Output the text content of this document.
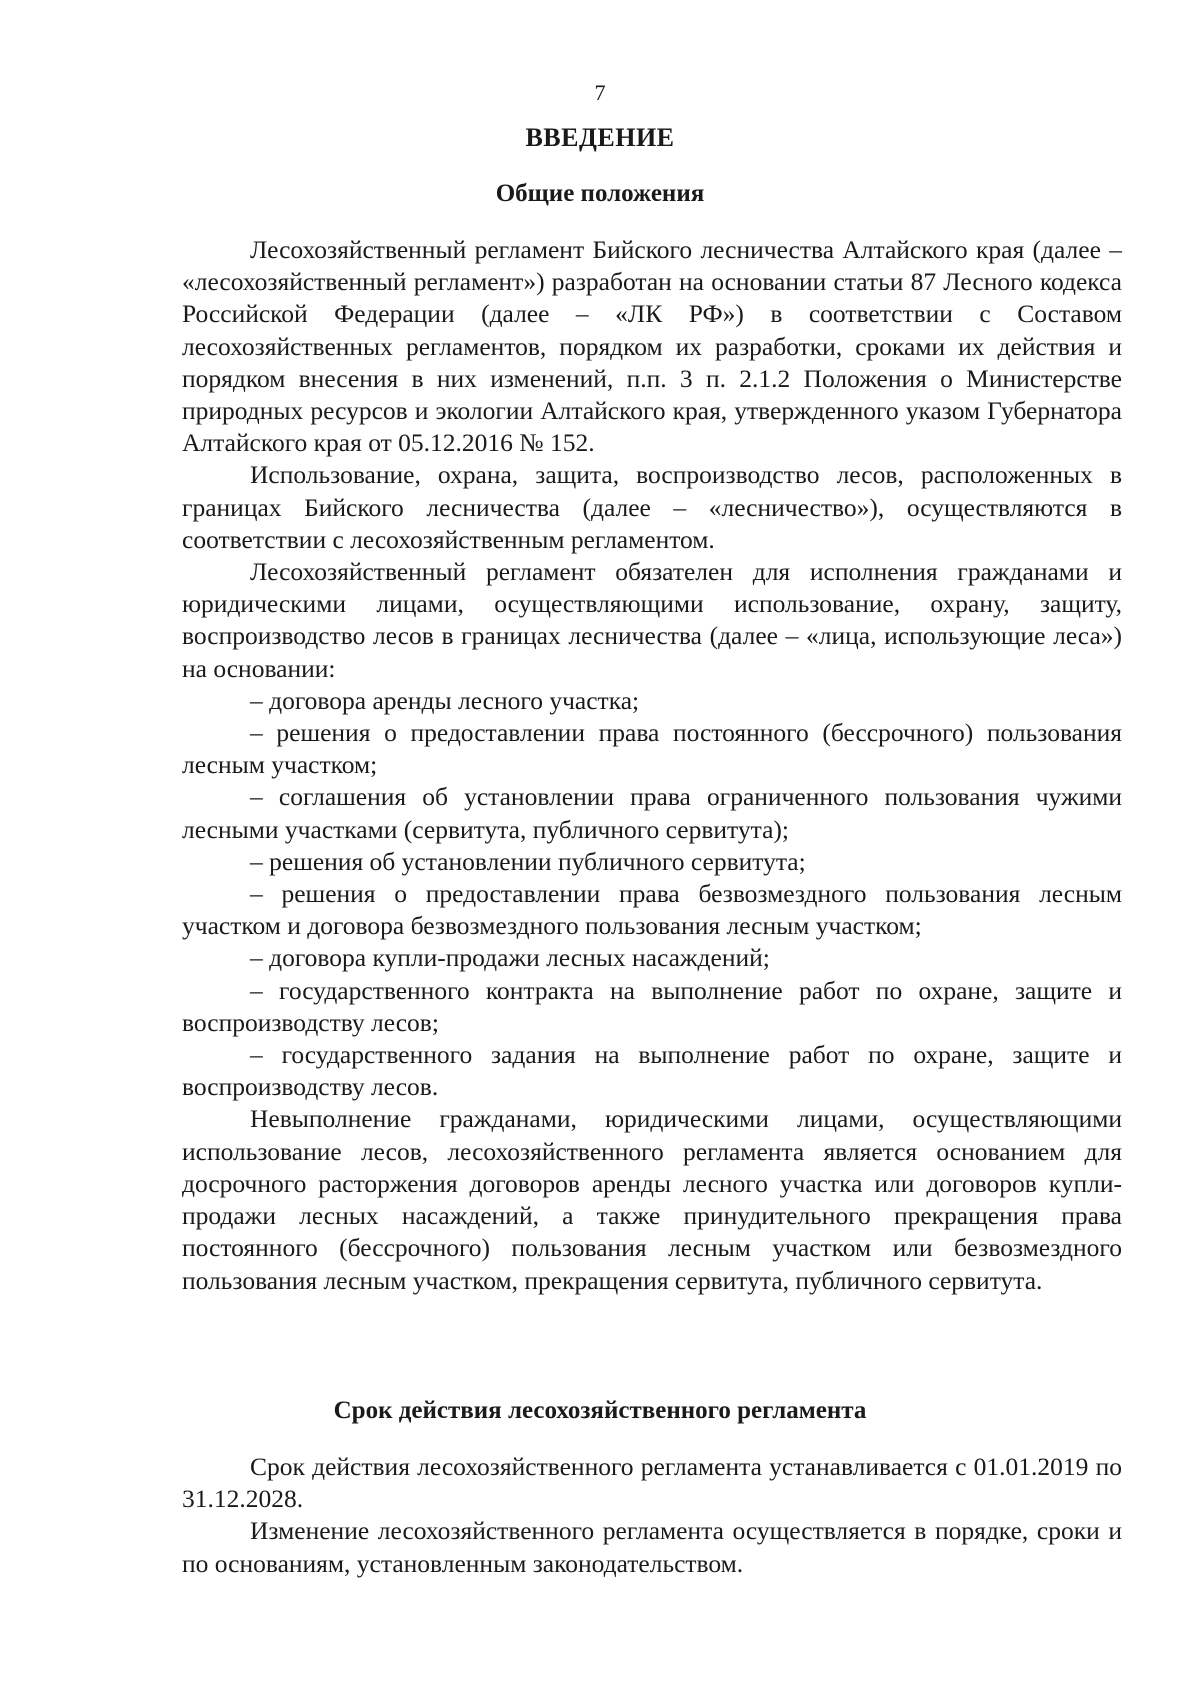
7
ВВЕДЕНИЕ
Общие положения

Лесохозяйственный регламент Бийского лесничества Алтайского края (далее – «лесохозяйственный регламент») разработан на основании статьи 87 Лесного кодекса Российской Федерации (далее – «ЛК РФ») в соответствии с Составом лесохозяйственных регламентов, порядком их разработки, сроками их действия и порядком внесения в них изменений, п.п. 3 п. 2.1.2 Положения о Министерстве природных ресурсов и экологии Алтайского края, утвержденного указом Губернатора Алтайского края от 05.12.2016 № 152.

Использование, охрана, защита, воспроизводство лесов, расположенных в границах Бийского лесничества (далее – «лесничество»), осуществляются в соответствии с лесохозяйственным регламентом.

Лесохозяйственный регламент обязателен для исполнения гражданами и юридическими лицами, осуществляющими использование, охрану, защиту, воспроизводство лесов в границах лесничества (далее – «лица, использующие леса») на основании:

– договора аренды лесного участка;

– решения о предоставлении права постоянного (бессрочного) пользования лесным участком;

– соглашения об установлении права ограниченного пользования чужими лесными участками (сервитута, публичного сервитута);

– решения об установлении публичного сервитута;

– решения о предоставлении права безвозмездного пользования лесным участком и договора безвозмездного пользования лесным участком;

– договора купли-продажи лесных насаждений;

– государственного контракта на выполнение работ по охране, защите и воспроизводству лесов;

– государственного задания на выполнение работ по охране, защите и воспроизводству лесов.

Невыполнение гражданами, юридическими лицами, осуществляющими использование лесов, лесохозяйственного регламента является основанием для досрочного расторжения договоров аренды лесного участка или договоров купли-продажи лесных насаждений, а также принудительного прекращения права постоянного (бессрочного) пользования лесным участком или безвозмездного пользования лесным участком, прекращения сервитута, публичного сервитута.

Срок действия лесохозяйственного регламента

Срок действия лесохозяйственного регламента устанавливается с 01.01.2019 по 31.12.2028.

Изменение лесохозяйственного регламента осуществляется в порядке, сроки и по основаниям, установленным законодательством.
